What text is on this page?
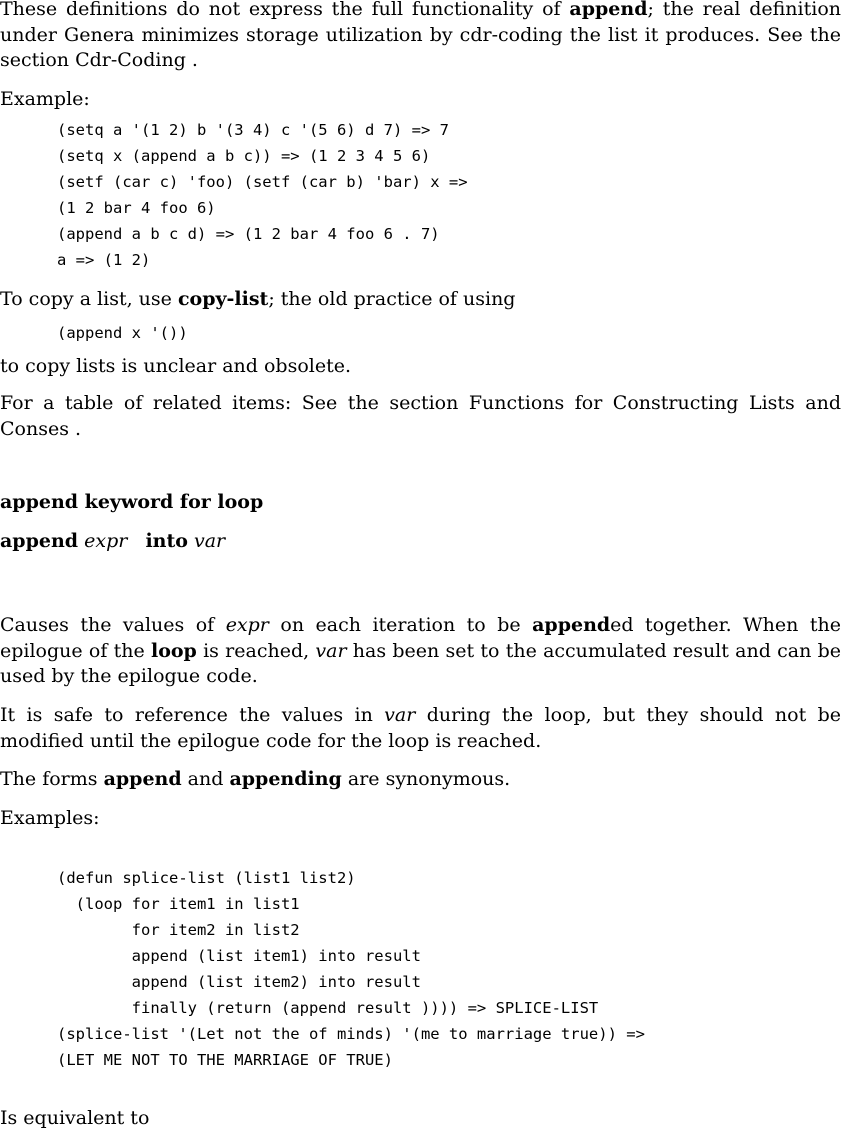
These definitions do not express the full functionality of append; the real definition under Genera minimizes storage utilization by cdr-coding the list it produces. See the section Cdr-Coding .

Example:

(setq a '(1 2) b '(3 4) c '(5 6) d 7) => 7
(setq x (append a b c)) => (1 2 3 4 5 6)
(setf (car c) 'foo) (setf (car b) 'bar) x =>
(1 2 bar 4 foo 6)
(append a b c d) => (1 2 bar 4 foo 6 . 7)
a => (1 2)

To copy a list, use copy-list; the old practice of using

(append x '())

to copy lists is unclear and obsolete.

For a table of related items: See the section Functions for Constructing Lists and Conses .

append keyword for loop

append expr into var

Causes the values of expr on each iteration to be appended together. When the epilogue of the loop is reached, var has been set to the accumulated result and can be used by the epilogue code.

It is safe to reference the values in var during the loop, but they should not be modified until the epilogue code for the loop is reached.

The forms append and appending are synonymous.

Examples:

(defun splice-list (list1 list2)
(loop for item1 in list1
for item2 in list2
append (list item1) into result
append (list item2) into result
finally (return (append result )))) => SPLICE-LIST
(splice-list '(Let not the of minds) '(me to marriage true)) =>
(LET ME NOT TO THE MARRIAGE OF TRUE)

Is equivalent to
